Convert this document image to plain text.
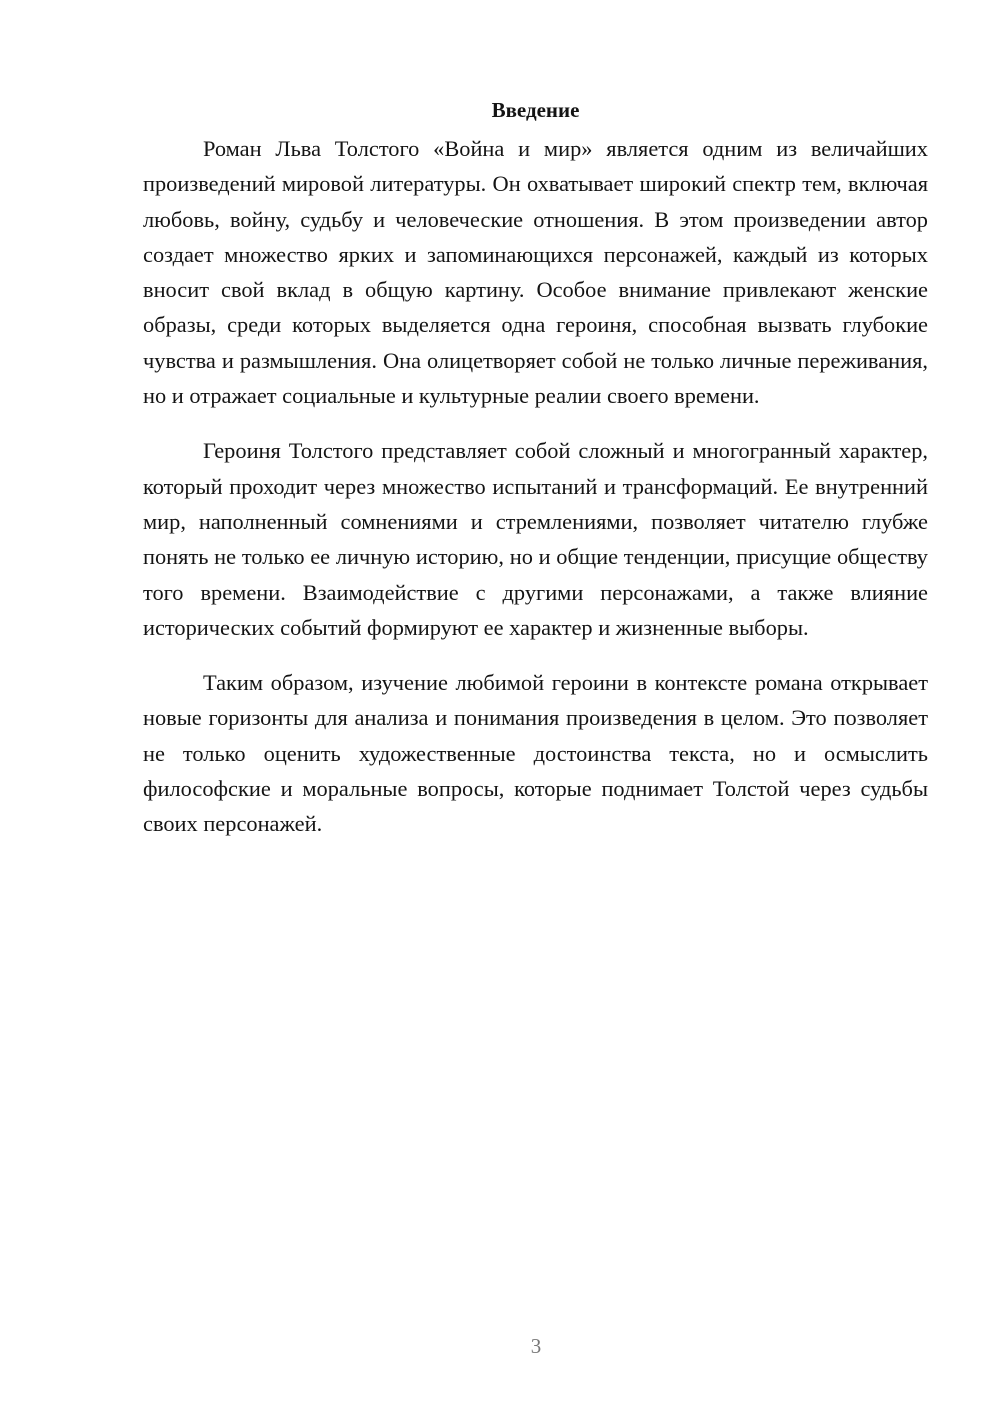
Введение

Роман Льва Толстого «Война и мир» является одним из величайших произведений мировой литературы. Он охватывает широкий спектр тем, включая любовь, войну, судьбу и человеческие отношения. В этом произведении автор создает множество ярких и запоминающихся персонажей, каждый из которых вносит свой вклад в общую картину. Особое внимание привлекают женские образы, среди которых выделяется одна героиня, способная вызвать глубокие чувства и размышления. Она олицетворяет собой не только личные переживания, но и отражает социальные и культурные реалии своего времени.

Героиня Толстого представляет собой сложный и многогранный характер, который проходит через множество испытаний и трансформаций. Ее внутренний мир, наполненный сомнениями и стремлениями, позволяет читателю глубже понять не только ее личную историю, но и общие тенденции, присущие обществу того времени. Взаимодействие с другими персонажами, а также влияние исторических событий формируют ее характер и жизненные выборы.

Таким образом, изучение любимой героини в контексте романа открывает новые горизонты для анализа и понимания произведения в целом. Это позволяет не только оценить художественные достоинства текста, но и осмыслить философские и моральные вопросы, которые поднимает Толстой через судьбы своих персонажей.

3
